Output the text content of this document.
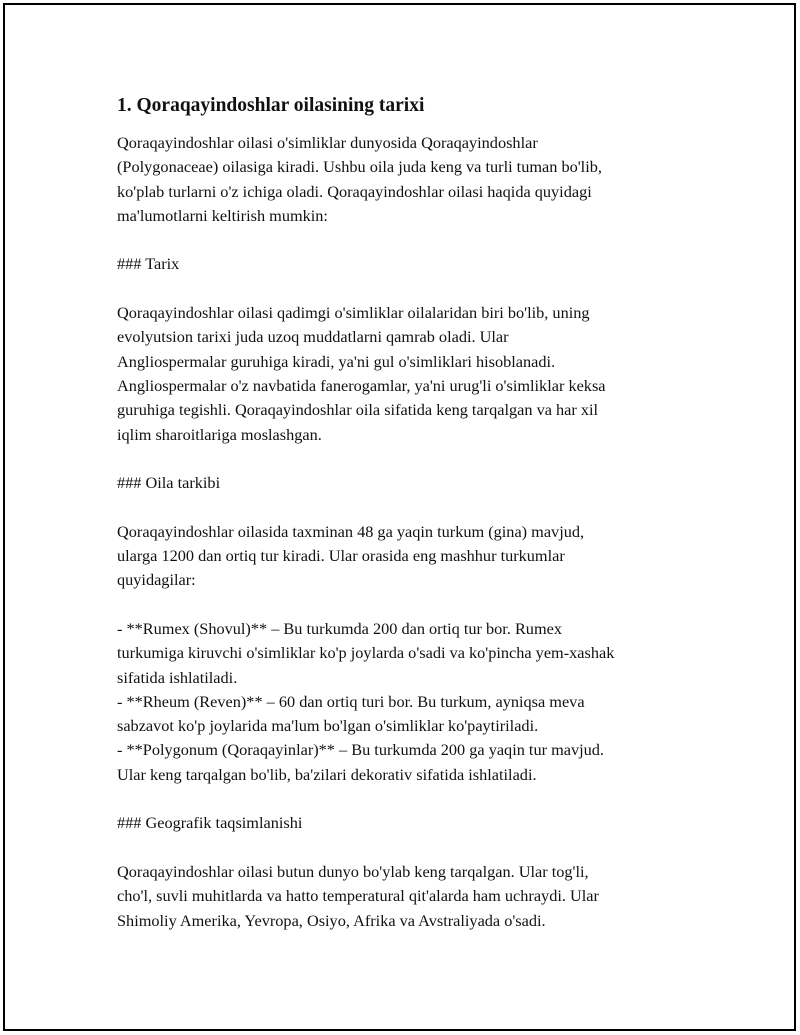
1. Qoraqayindoshlar oilasining tarixi
Qoraqayindoshlar oilasi o'simliklar dunyosida Qoraqayindoshlar
(Polygonaceae) oilasiga kiradi. Ushbu oila juda keng va turli tuman bo'lib,
ko'plab turlarni o'z ichiga oladi. Qoraqayindoshlar oilasi haqida quyidagi
ma'lumotlarni keltirish mumkin:
### Tarix
Qoraqayindoshlar oilasi qadimgi o'simliklar oilalaridan biri bo'lib, uning
evolyutsion tarixi juda uzoq muddatlarni qamrab oladi. Ular
Angliospermalar guruhiga kiradi, ya'ni gul o'simliklari hisoblanadi.
Angliospermalar o'z navbatida fanerogamlar, ya'ni urug'li o'simliklar keksa
guruhiga tegishli. Qoraqayindoshlar oila sifatida keng tarqalgan va har xil
iqlim sharoitlariga moslashgan.
### Oila tarkibi
Qoraqayindoshlar oilasida taxminan 48 ga yaqin turkum (gina) mavjud,
ularga 1200 dan ortiq tur kiradi. Ular orasida eng mashhur turkumlar
quyidagilar:
- **Rumex (Shovul)** – Bu turkumda 200 dan ortiq tur bor. Rumex
turkumiga kiruvchi o'simliklar ko'p joylarda o'sadi va ko'pincha yem-xashak
sifatida ishlatiladi.
- **Rheum (Reven)** – 60 dan ortiq turi bor. Bu turkum, ayniqsa meva
sabzavot ko'p joylarida ma'lum bo'lgan o'simliklar ko'paytiriladi.
- **Polygonum (Qoraqayinlar)** – Bu turkumda 200 ga yaqin tur mavjud.
Ular keng tarqalgan bo'lib, ba'zilari dekorativ sifatida ishlatiladi.
### Geografik taqsimlanishi
Qoraqayindoshlar oilasi butun dunyo bo'ylab keng tarqalgan. Ular tog'li,
cho'l, suvli muhitlarda va hatto temperatural qit'alarda ham uchraydi. Ular
Shimoliy Amerika, Yevropa, Osiyo, Afrika va Avstraliyada o'sadi.
